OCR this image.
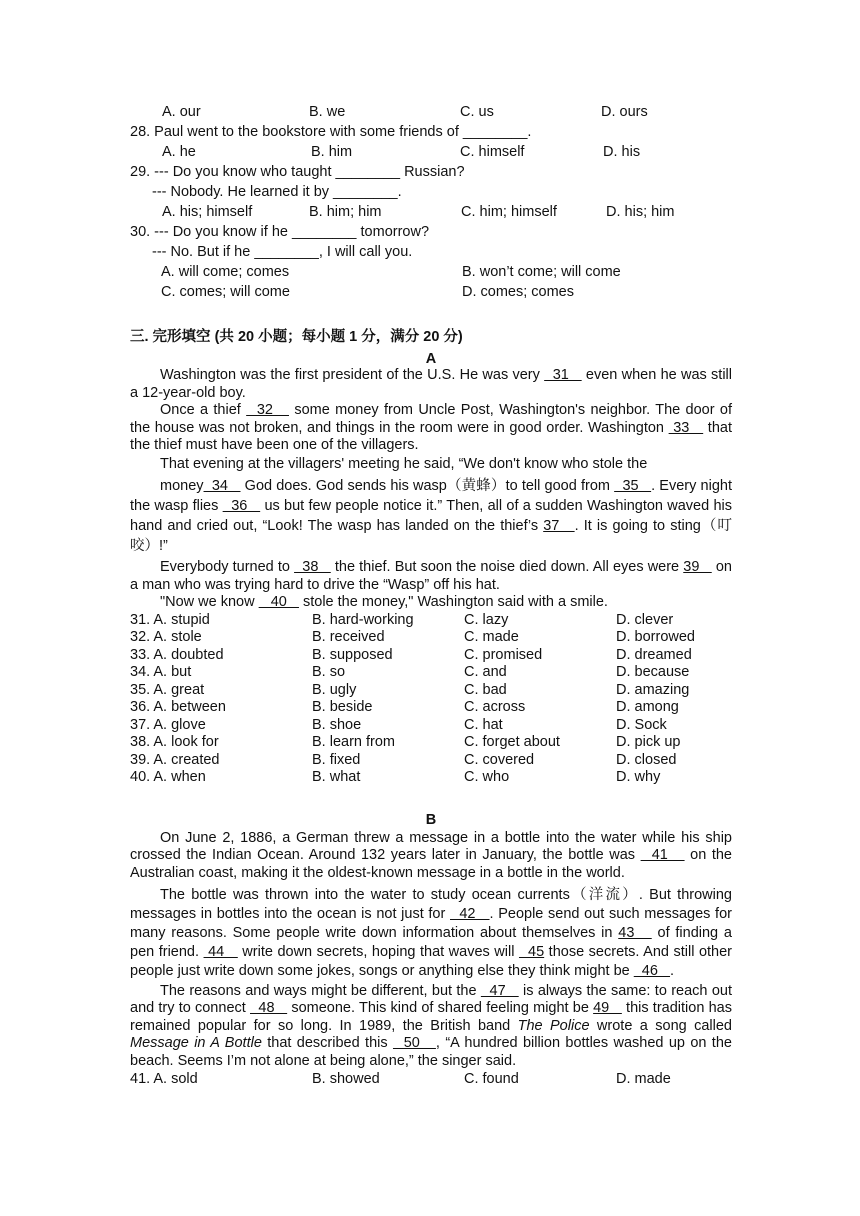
A. our	B. we	C. us	D. ours
28. Paul went to the bookstore with some friends of ________.
A. he	B. him	C. himself	D. his
29. --- Do you know who taught ________ Russian?
--- Nobody. He learned it by ________.
A. his; himself	B. him; him	C. him; himself	D. his; him
30. --- Do you know if he ________ tomorrow?
--- No. But if he ________, I will call you.
A. will come; comes	B. won’t come; will come
C. comes; will come	D. comes; comes
三. 完形填空 (共 20 小题；每小题 1 分，满分 20 分)
A
Washington was the first president of the U.S. He was very   31    even when he was still a 12-year-old boy.
Once a thief   32    some money from Uncle Post, Washington's neighbor. The door of the house was not broken, and things in the room were in good order. Washington  33    that the thief must have been one of the villagers.
That evening at the villagers' meeting he said, “We don't know who stole the
money  34    God does. God sends his wasp（黄蜂）to tell good from   35   . Every night the wasp flies   36    us but few people notice it.” Then, all of a sudden Washington waved his hand and cried out, “Look! The wasp has landed on the thief’s 37   . It is going to sting（叮咬）!”
Everybody turned to   38    the thief. But soon the noise died down. All eyes were 39    on a man who was trying hard to drive the “Wasp” off his hat.
"Now we know    40    stole the money," Washington said with a smile.
31. A. stupid	B. hard-working	C. lazy	D. clever
32. A. stole	B. received	C. made	D. borrowed
33. A. doubted	B. supposed	C. promised	D. dreamed
34. A. but	B. so	C. and	D. because
35. A. great	B. ugly	C. bad	D. amazing
36. A. between	B. beside	C. across	D. among
37. A. glove	B. shoe	C. hat	D. Sock
38. A. look for	B. learn from	C. forget about	D. pick up
39. A. created	B. fixed	C. covered	D. closed
40. A. when	B. what	C. who	D. why
B
On June 2, 1886, a German threw a message in a bottle into the water while his ship crossed the Indian Ocean. Around 132 years later in January, the bottle was   41    on the Australian coast, making it the oldest-known message in a bottle in the world.
The bottle was thrown into the water to study ocean currents（洋流）. But throwing messages in bottles into the ocean is not just for   42   . People send out such messages for many reasons. Some people write down information about themselves in 43    of finding a pen friend.  44    write down secrets, hoping that waves will   45 those secrets. And still other people just write down some jokes, songs or anything else they think might be   46   .
The reasons and ways might be different, but the   47    is always the same: to reach out and try to connect   48    someone. This kind of shared feeling might be 49    this tradition has remained popular for so long. In 1989, the British band The Police wrote a song called Message in A Bottle that described this   50   , “A hundred billion bottles washed up on the beach. Seems I’m not alone at being alone,” the singer said.
41. A. sold	B. showed	C. found	D. made
